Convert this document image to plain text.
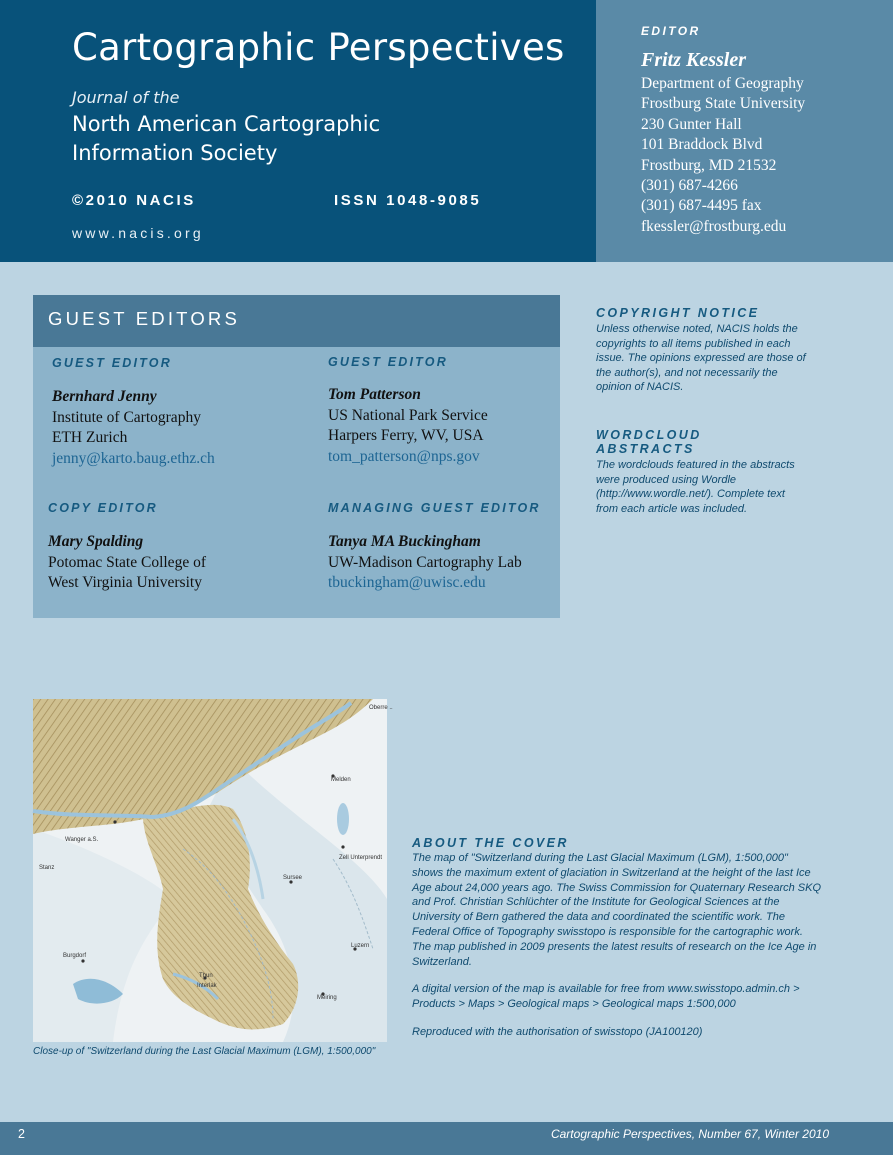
Cartographic Perspectives
Journal of the
North American Cartographic
Information Society
©2010 NACIS	ISSN 1048-9085
www.nacis.org
EDITOR
Fritz Kessler
Department of Geography
Frostburg State University
230 Gunter Hall
101 Braddock Blvd
Frostburg, MD 21532
(301) 687-4266
(301) 687-4495 fax
fkessler@frostburg.edu
GUEST EDITORS
GUEST EDITOR
Bernhard Jenny
Institute of Cartography
ETH Zurich
jenny@karto.baug.ethz.ch
GUEST EDITOR
Tom Patterson
US National Park Service
Harpers Ferry, WV, USA
tom_patterson@nps.gov
COPY EDITOR
Mary Spalding
Potomac State College of
West Virginia University
MANAGING GUEST EDITOR
Tanya MA Buckingham
UW-Madison Cartography Lab
tbuckingham@uwisc.edu
COPYRIGHT NOTICE
Unless otherwise noted, NACIS holds the copyrights to all items published in each issue. The opinions expressed are those of the author(s), and not necessarily the opinion of NACIS.
WORDCLOUD ABSTRACTS
The wordclouds featured in the abstracts were produced using Wordle (http://www.wordle.net/). Complete text from each article was included.
Oberre ..
Melden
Wanger a.S.
Zell Unterprendt
Sursee
Luzern
Burgdorf
Thun
Stanz
Interlak
Meiring
Close-up of "Switzerland during the Last Glacial Maximum (LGM), 1:500,000"
ABOUT THE COVER
The map of "Switzerland during the Last Glacial Maximum (LGM), 1:500,000" shows the maximum extent of glaciation in Switzerland at the height of the last Ice Age about 24,000 years ago. The Swiss Commission for Quaternary Research SKQ and Prof. Christian Schlüchter of the Institute for Geological Sciences at the University of Bern gathered the data and coordinated the scientific work. The Federal Office of Topography swisstopo is responsible for the cartographic work. The map published in 2009 presents the latest results of research on the Ice Age in Switzerland.
A digital version of the map is available for free from www.swisstopo.admin.ch > Products > Maps > Geological maps > Geological maps 1:500,000
Reproduced with the authorisation of swisstopo (JA100120)
2	Cartographic Perspectives, Number 67, Winter 2010
